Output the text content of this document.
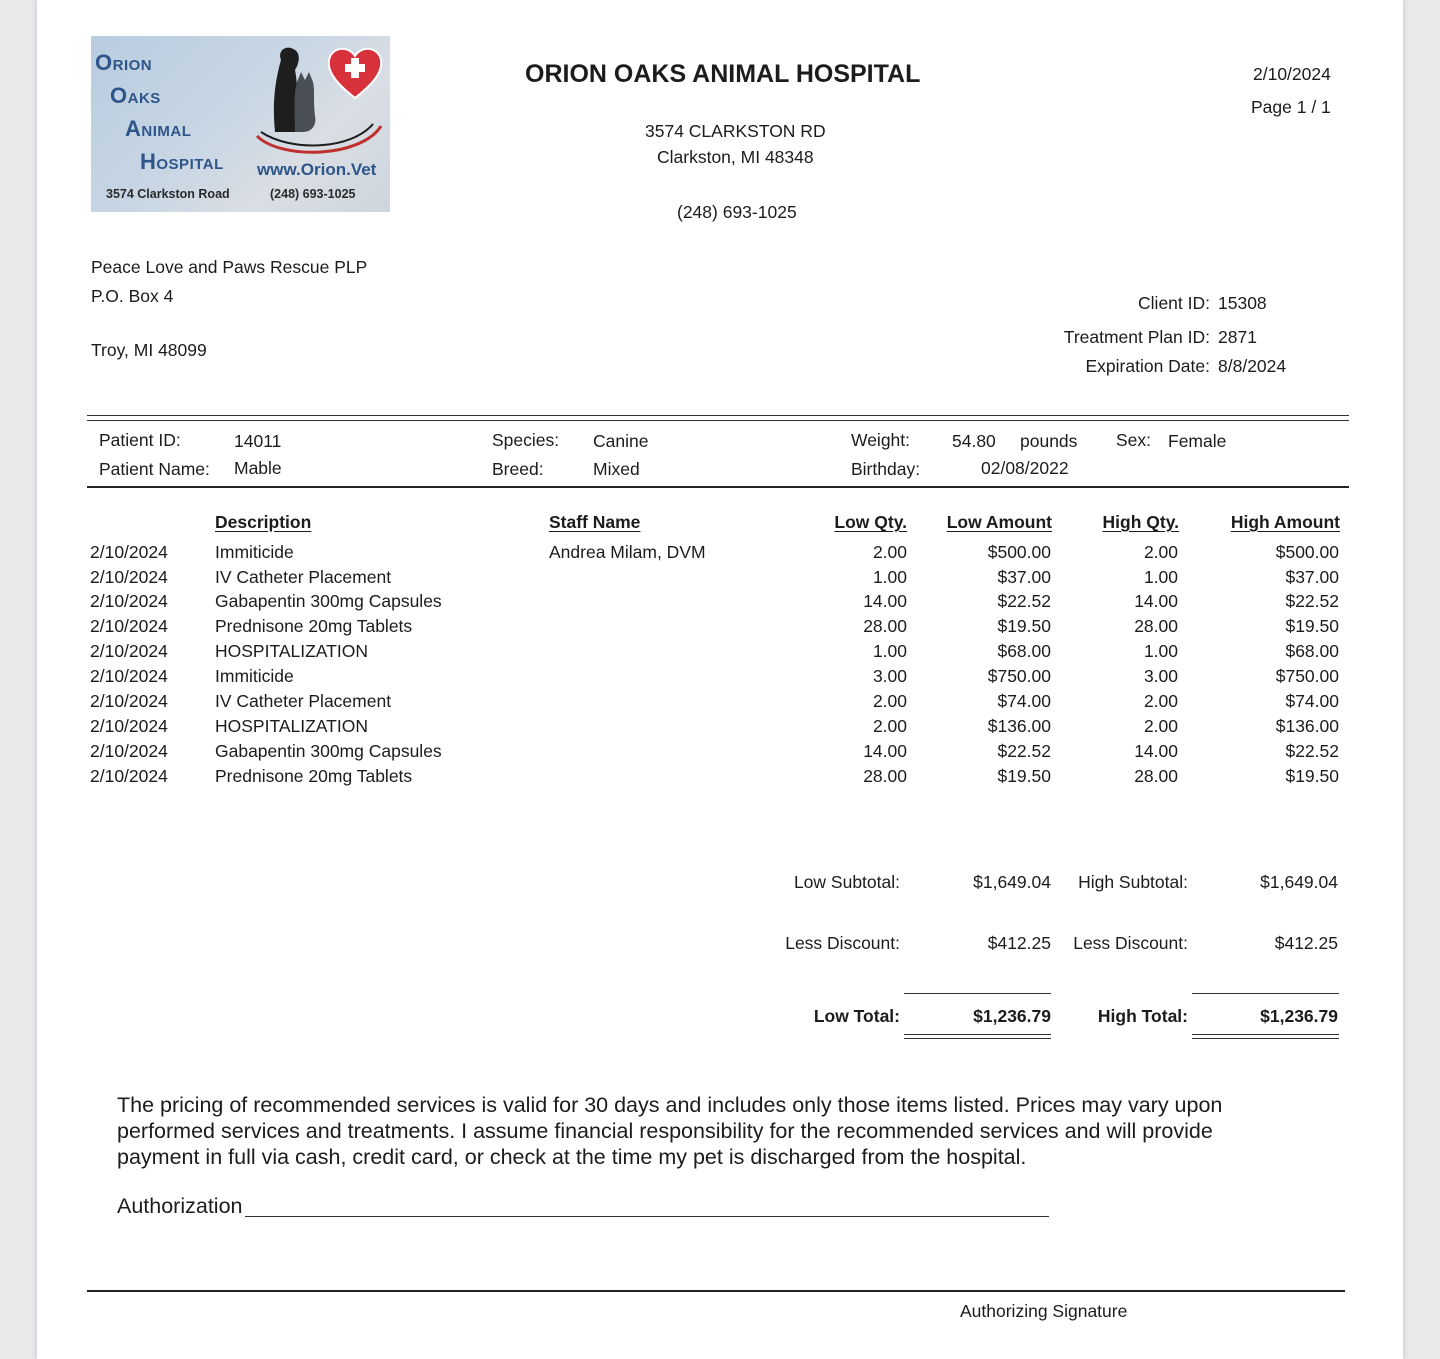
Orion
Oaks
Animal
Hospital www.Orion.Vet
3574 Clarkston Road	(248) 693-1025
ORION OAKS ANIMAL HOSPITAL
3574 CLARKSTON RD
Clarkston, MI 48348
(248) 693-1025
2/10/2024
Page 1 / 1
Peace Love and Paws Rescue PLP
P.O. Box 4
Troy, MI 48099
Client ID: 15308
Treatment Plan ID: 2871
Expiration Date: 8/8/2024
Patient ID:	14011
Patient Name: Mable
Species: Canine
Breed:	Mixed
Weight: 54.80 pounds
Birthday:	02/08/2022
Sex: Female
Description	Staff Name	Low Qty. Low Amount	High Qty.	High Amount
2/10/2024	Immiticide	Andrea Milam, DVM	2.00	$500.00	2.00	$500.00
2/10/2024	IV Catheter Placement	1.00	$37.00	1.00	$37.00
2/10/2024	Gabapentin 300mg Capsules	14.00	$22.52	14.00	$22.52
2/10/2024	Prednisone 20mg Tablets	28.00	$19.50	28.00	$19.50
2/10/2024	HOSPITALIZATION	1.00	$68.00	1.00	$68.00
2/10/2024	Immiticide	3.00	$750.00	3.00	$750.00
2/10/2024	IV Catheter Placement	2.00	$74.00	2.00	$74.00
2/10/2024	HOSPITALIZATION	2.00	$136.00	2.00	$136.00
2/10/2024	Gabapentin 300mg Capsules	14.00	$22.52	14.00	$22.52
2/10/2024	Prednisone 20mg Tablets	28.00	$19.50	28.00	$19.50
Low Subtotal:	$1,649.04 High Subtotal:	$1,649.04
Less Discount:	$412.25 Less Discount:	$412.25
Low Total:	$1,236.79	High Total:	$1,236.79
The pricing of recommended services is valid for 30 days and includes only those items listed. Prices may vary upon performed services and treatments. I assume financial responsibility for the recommended services and will provide payment in full via cash, credit card, or check at the time my pet is discharged from the hospital.
Authorization
Authorizing Signature
